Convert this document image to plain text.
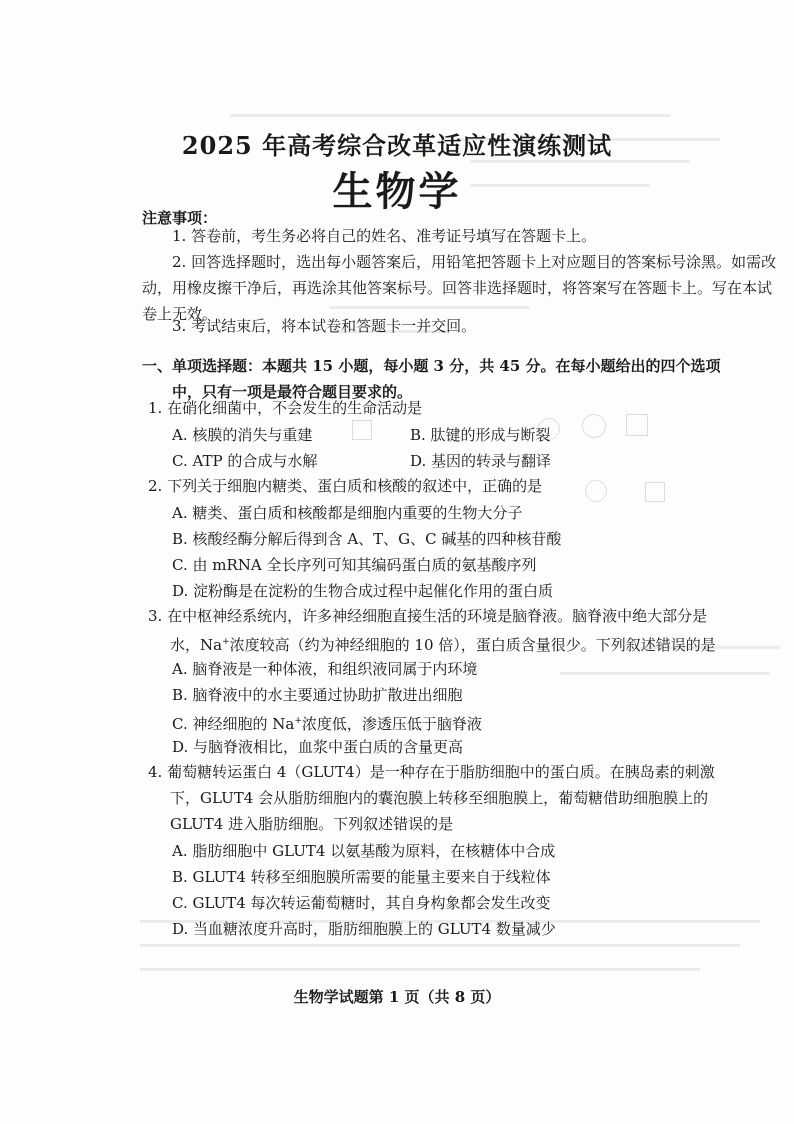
2025 年高考综合改革适应性演练测试
生物学
注意事项：
1. 答卷前，考生务必将自己的姓名、准考证号填写在答题卡上。
2. 回答选择题时，选出每小题答案后，用铅笔把答题卡上对应题目的答案标号涂黑。如需改动，用橡皮擦干净后，再选涂其他答案标号。回答非选择题时，将答案写在答题卡上。写在本试卷上无效。
3. 考试结束后，将本试卷和答题卡一并交回。
一、单项选择题：本题共 15 小题，每小题 3 分，共 45 分。在每小题给出的四个选项
中，只有一项是最符合题目要求的。
1. 在硝化细菌中，不会发生的生命活动是
A. 核膜的消失与重建	B. 肽键的形成与断裂
C. ATP 的合成与水解	D. 基因的转录与翻译
2. 下列关于细胞内糖类、蛋白质和核酸的叙述中，正确的是
A. 糖类、蛋白质和核酸都是细胞内重要的生物大分子
B. 核酸经酶分解后得到含 A、T、G、C 碱基的四种核苷酸
C. 由 mRNA 全长序列可知其编码蛋白质的氨基酸序列
D. 淀粉酶是在淀粉的生物合成过程中起催化作用的蛋白质
3. 在中枢神经系统内，许多神经细胞直接生活的环境是脑脊液。脑脊液中绝大部分是
水，Na+浓度较高（约为神经细胞的 10 倍），蛋白质含量很少。下列叙述错误的是
A. 脑脊液是一种体液，和组织液同属于内环境
B. 脑脊液中的水主要通过协助扩散进出细胞
C. 神经细胞的 Na+浓度低，渗透压低于脑脊液
D. 与脑脊液相比，血浆中蛋白质的含量更高
4. 葡萄糖转运蛋白 4（GLUT4）是一种存在于脂肪细胞中的蛋白质。在胰岛素的刺激
下，GLUT4 会从脂肪细胞内的囊泡膜上转移至细胞膜上，葡萄糖借助细胞膜上的
GLUT4 进入脂肪细胞。下列叙述错误的是
A. 脂肪细胞中 GLUT4 以氨基酸为原料，在核糖体中合成
B. GLUT4 转移至细胞膜所需要的能量主要来自于线粒体
C. GLUT4 每次转运葡萄糖时，其自身构象都会发生改变
D. 当血糖浓度升高时，脂肪细胞膜上的 GLUT4 数量减少
生物学试题第 1 页（共 8 页）
